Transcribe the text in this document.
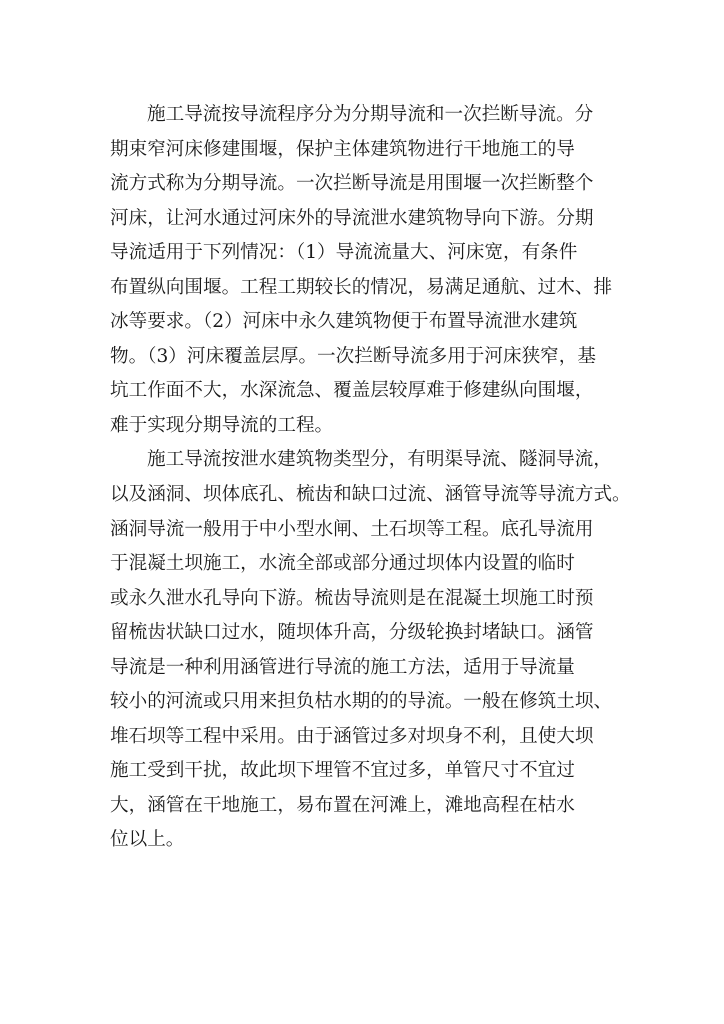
施工导流按导流程序分为分期导流和一次拦断导流。分
期束窄河床修建围堰，保护主体建筑物进行干地施工的导
流方式称为分期导流。一次拦断导流是用围堰一次拦断整个
河床，让河水通过河床外的导流泄水建筑物导向下游。分期
导流适用于下列情况：（1）导流流量大、河床宽，有条件
布置纵向围堰。工程工期较长的情况，易满足通航、过木、排
冰等要求。（2）河床中永久建筑物便于布置导流泄水建筑
物。（3）河床覆盖层厚。一次拦断导流多用于河床狭窄，基
坑工作面不大，水深流急、覆盖层较厚难于修建纵向围堰，
难于实现分期导流的工程。
施工导流按泄水建筑物类型分，有明渠导流、隧洞导流，
以及涵洞、坝体底孔、梳齿和缺口过流、涵管导流等导流方式。
涵洞导流一般用于中小型水闸、土石坝等工程。底孔导流用
于混凝土坝施工，水流全部或部分通过坝体内设置的临时
或永久泄水孔导向下游。梳齿导流则是在混凝土坝施工时预
留梳齿状缺口过水，随坝体升高，分级轮换封堵缺口。涵管
导流是一种利用涵管进行导流的施工方法，适用于导流量
较小的河流或只用来担负枯水期的的导流。一般在修筑土坝、
堆石坝等工程中采用。由于涵管过多对坝身不利，且使大坝
施工受到干扰，故此坝下埋管不宜过多，单管尺寸不宜过
大，涵管在干地施工，易布置在河滩上，滩地高程在枯水
位以上。
